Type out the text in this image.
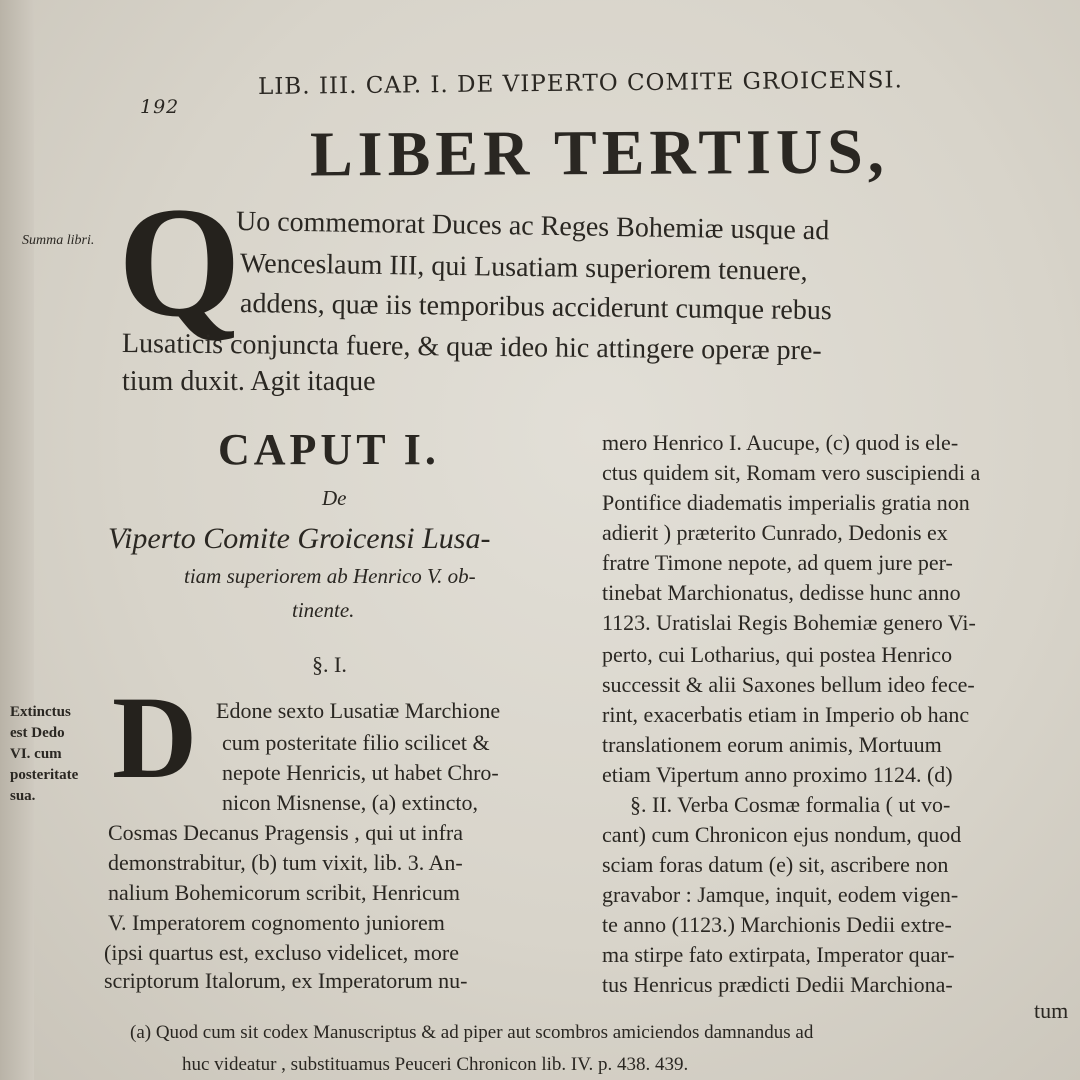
192
LIB. III. CAP. I. DE VIPERTO COMITE GROICENSI.
LIBER TERTIUS,
Summa libri.
Extinctus
est Dedo
VI. cum
posteritate
sua.
Q
Uo commemorat Duces ac Reges Bohemiæ usque ad
Wenceslaum III, qui Lusatiam superiorem tenuere,
addens, quæ iis temporibus acciderunt cumque rebus
Lusaticis conjuncta fuere, & quæ ideo hic attingere operæ pre-
tium duxit. Agit itaque
CAPUT I.
De
Viperto Comite Groicensi Lusa-
tiam superiorem ab Henrico V. ob-
tinente.
§. I.
D Edone sexto Lusatiæ Marchione
cum posteritate filio scilicet &
nepote Henricis, ut habet Chro-
nicon Misnense, (a) extincto,
Cosmas Decanus Pragensis , qui ut infra
demonstrabitur, (b) tum vixit, lib. 3. An-
nalium Bohemicorum scribit, Henricum
V. Imperatorem cognomento juniorem
(ipsi quartus est, excluso videlicet, more
scriptorum Italorum, ex Imperatorum nu-
mero Henrico I. Aucupe, (c) quod is ele-
ctus quidem sit, Romam vero suscipiendi a
Pontifice diadematis imperialis gratia non
adierit ) præterito Cunrado, Dedonis ex
fratre Timone nepote, ad quem jure per-
tinebat Marchionatus, dedisse hunc anno
1123. Uratislai Regis Bohemiæ genero Vi-
perto, cui Lotharius, qui postea Henrico
successit & alii Saxones bellum ideo fece-
rint, exacerbatis etiam in Imperio ob hanc
translationem eorum animis, Mortuum
etiam Vipertum anno proximo 1124. (d)
§. II. Verba Cosmæ formalia ( ut vo-
cant) cum Chronicon ejus nondum, quod
sciam foras datum (e) sit, ascribere non
gravabor : Jamque, inquit, eodem vigen-
te anno (1123.) Marchionis Dedii extre-
ma stirpe fato extirpata, Imperator quar-
tus Henricus prædicti Dedii Marchiona-
tum
(a) Quod cum sit codex Manuscriptus & ad piper aut scombros amiciendos damnandus ad
huc videatur , substituamus Peuceri Chronicon lib. IV. p. 438. 439.
